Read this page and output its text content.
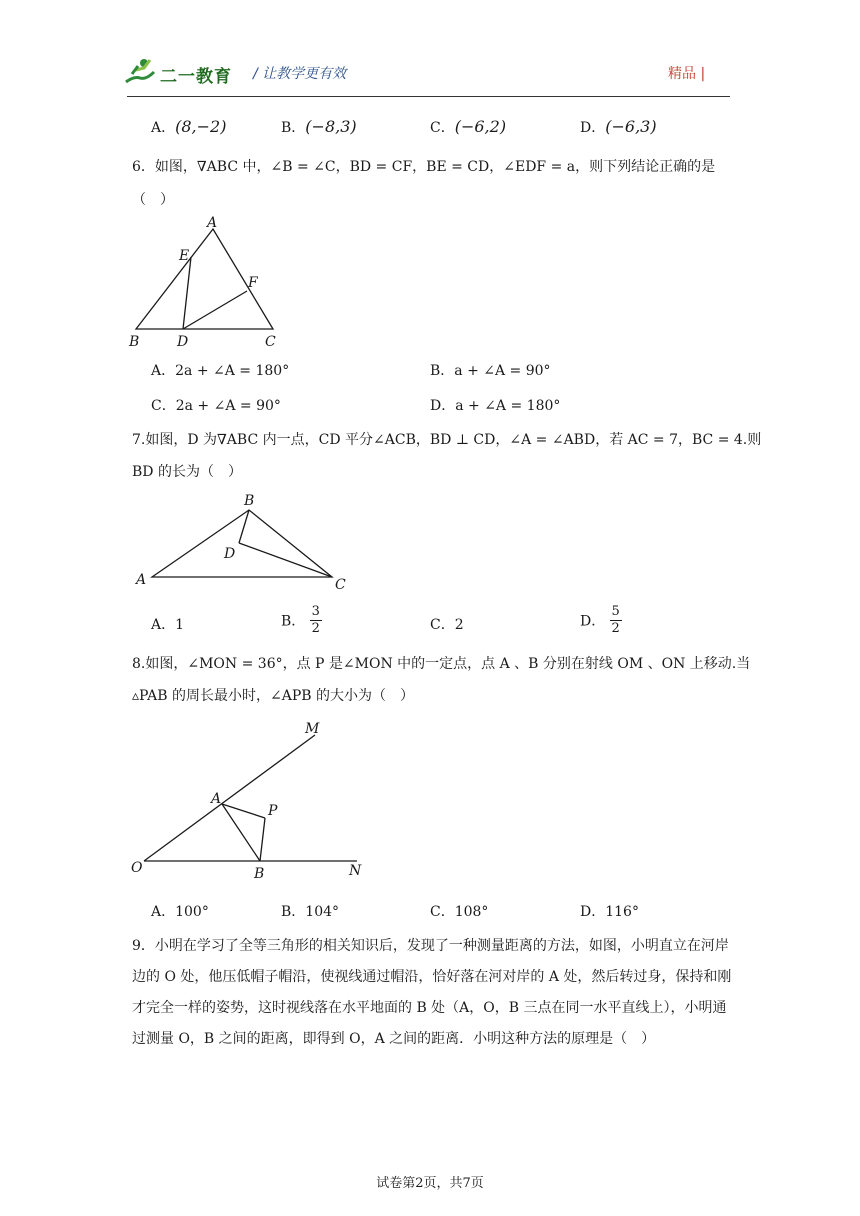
二一教育 / 让教学更有效	精品 |
A．(8,−2)	B．(−8,3)	C．(−6,2)	D．(−6,3)
6．如图，∇ABC 中，∠B = ∠C，BD = CF，BE = CD，∠EDF = a，则下列结论正确的是
（　）
A
E
F
B	D	C
A．2a + ∠A = 180°	B．a + ∠A = 90°
C．2a + ∠A = 90°	D．a + ∠A = 180°
7.如图，D 为∇ABC 内一点，CD 平分∠ACB，BD ⊥ CD，∠A = ∠ABD，若 AC = 7，BC = 4.则
BD 的长为（　）
B
D
A	C
A．1	B． $\frac{3}{2}$	C．2	D． $\frac{5}{2}$
8.如图，∠MON = 36°，点 P 是∠MON 中的一定点，点 A 、B 分别在射线 OM 、ON 上移动.当
▵PAB 的周长最小时，∠APB 的大小为（　）
M
A
P
O	B	N
A．100°	B．104°	C．108°	D．116°
9．小明在学习了全等三角形的相关知识后，发现了一种测量距离的方法，如图，小明直立在河岸边的 O 处，他压低帽子帽沿，使视线通过帽沿，恰好落在河对岸的 A 处，然后转过身，保持和刚才完全一样的姿势，这时视线落在水平地面的 B 处（A，O，B 三点在同一水平直线上），小明通过测量 O，B 之间的距离，即得到 O，A 之间的距离．小明这种方法的原理是（　）
试卷第2页，共7页
